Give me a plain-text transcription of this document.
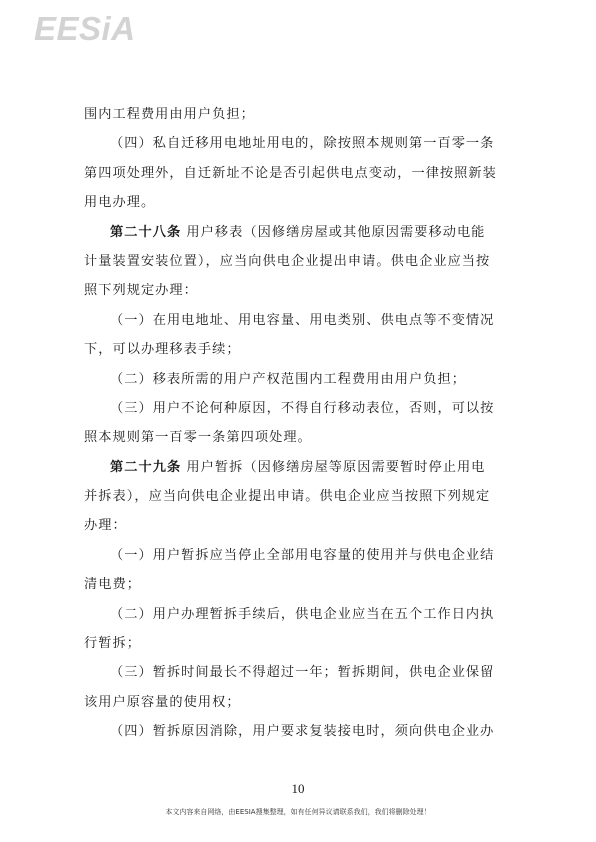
EESiA
围内工程费用由用户负担；
（四）私自迁移用电地址用电的，除按照本规则第一百零一条
第四项处理外，自迁新址不论是否引起供电点变动，一律按照新装
用电办理。
第二十八条 用户移表（因修缮房屋或其他原因需要移动电能
计量装置安装位置），应当向供电企业提出申请。供电企业应当按
照下列规定办理：
（一）在用电地址、用电容量、用电类别、供电点等不变情况
下，可以办理移表手续；
（二）移表所需的用户产权范围内工程费用由用户负担；
（三）用户不论何种原因，不得自行移动表位，否则，可以按
照本规则第一百零一条第四项处理。
第二十九条 用户暂拆（因修缮房屋等原因需要暂时停止用电
并拆表），应当向供电企业提出申请。供电企业应当按照下列规定
办理：
（一）用户暂拆应当停止全部用电容量的使用并与供电企业结
清电费；
（二）用户办理暂拆手续后，供电企业应当在五个工作日内执
行暂拆；
（三）暂拆时间最长不得超过一年；暂拆期间，供电企业保留
该用户原容量的使用权；
（四）暂拆原因消除，用户要求复装接电时，须向供电企业办
10
本文内容来自网络，由EESIA搜集整理，如有任何异议请联系我们，我们将删除处理！
